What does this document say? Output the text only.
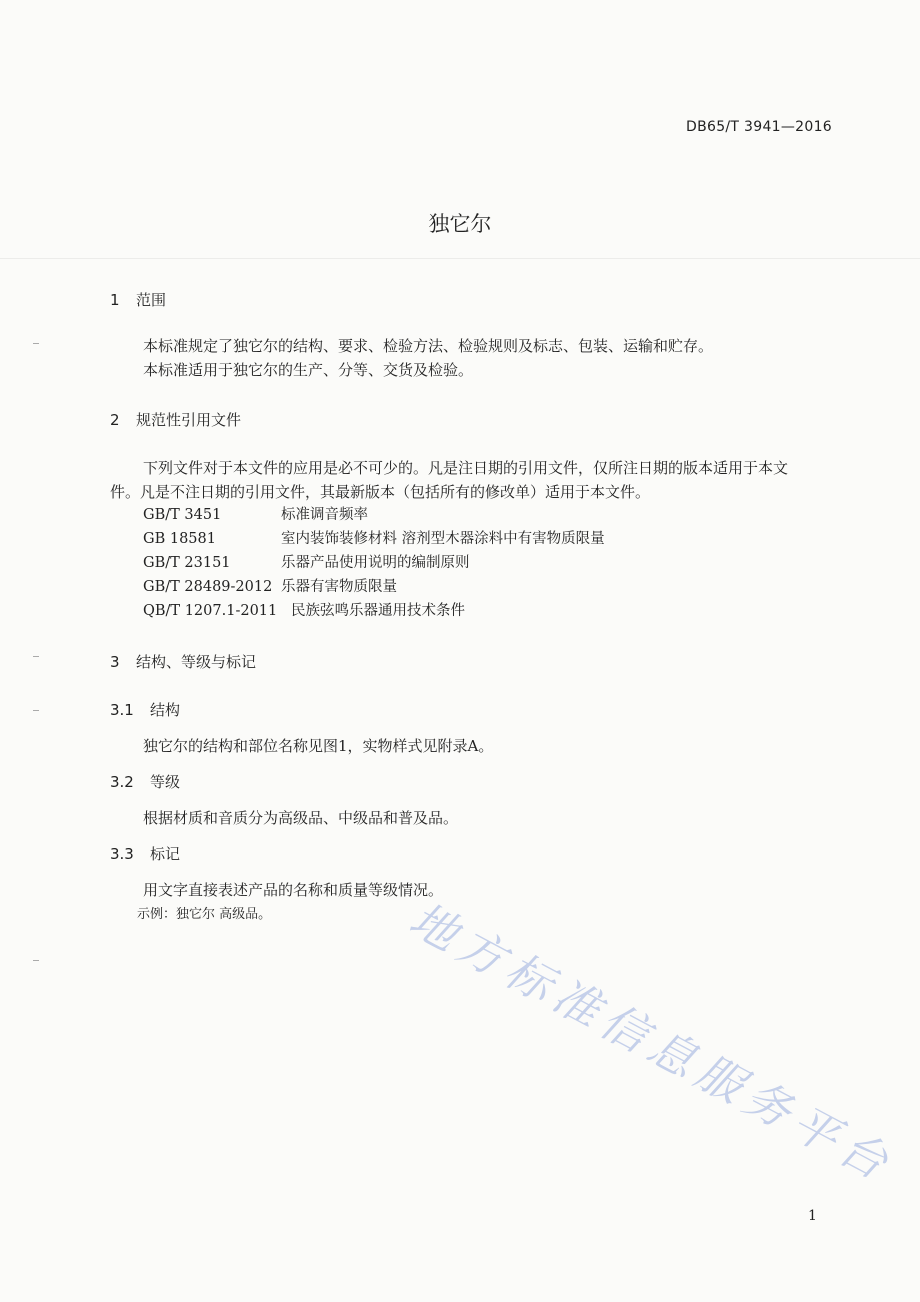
DB65/T 3941—2016
独它尔
1 范围
本标准规定了独它尔的结构、要求、检验方法、检验规则及标志、包装、运输和贮存。
本标准适用于独它尔的生产、分等、交货及检验。
2 规范性引用文件
下列文件对于本文件的应用是必不可少的。凡是注日期的引用文件，仅所注日期的版本适用于本文
件。凡是不注日期的引用文件，其最新版本（包括所有的修改单）适用于本文件。
GB/T 3451	标准调音频率
GB 18581	室内装饰装修材料 溶剂型木器涂料中有害物质限量
GB/T 23151	乐器产品使用说明的编制原则
GB/T 28489-2012 乐器有害物质限量
QB/T 1207.1-2011 民族弦鸣乐器通用技术条件
3 结构、等级与标记
3.1 结构
独它尔的结构和部位名称见图1，实物样式见附录A。
3.2 等级
根据材质和音质分为高级品、中级品和普及品。
3.3 标记
用文字直接表述产品的名称和质量等级情况。
示例：独它尔 高级品。	地方标准信息服务平台
1
